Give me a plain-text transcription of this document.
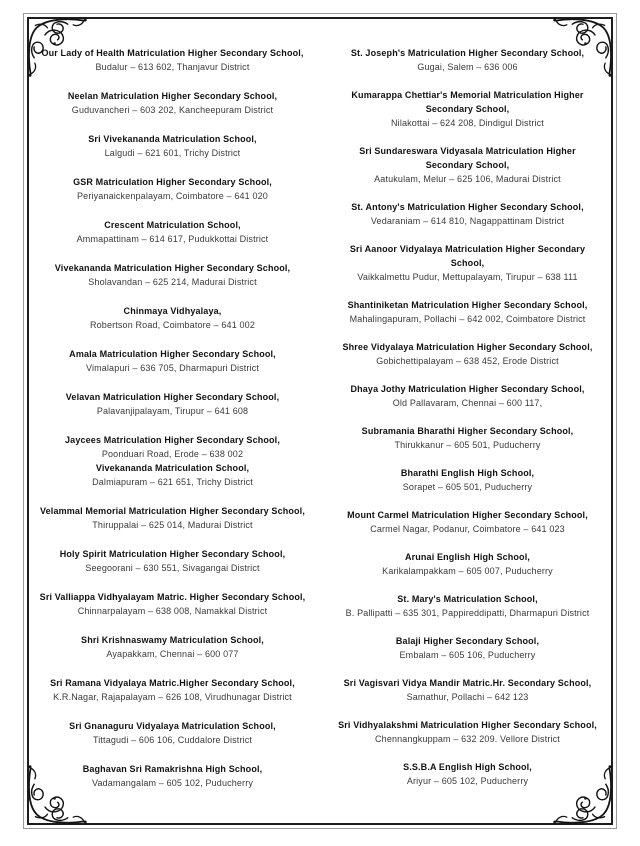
Our Lady of Health Matriculation Higher Secondary School,
Budalur – 613 602, Thanjavur District
Neelan Matriculation Higher Secondary School,
Guduvancheri – 603 202, Kancheepuram District
Sri Vivekananda Matriculation School,
Lalgudi – 621 601, Trichy District
GSR Matriculation Higher Secondary School,
Periyanaickenpalayam, Coimbatore – 641 020
Crescent Matriculation School,
Ammapattinam – 614 617, Pudukkottai District
Vivekananda Matriculation Higher Secondary School,
Sholavandan – 625 214, Madurai District
Chinmaya Vidhyalaya,
Robertson Road, Coimbatore – 641 002
Amala Matriculation Higher Secondary School,
Vimalapuri – 636 705, Dharmapuri District
Velavan Matriculation Higher Secondary School,
Palavanjipalayam, Tirupur – 641 608
Jaycees Matriculation Higher Secondary School,
Poonduari Road, Erode – 638 002
Vivekananda Matriculation School,
Dalmiapuram – 621 651, Trichy District
Velammal Memorial Matriculation Higher Secondary School,
Thiruppalai – 625 014, Madurai District
Holy Spirit Matriculation Higher Secondary School,
Seegoorani – 630 551, Sivagangai District
Sri Valliappa Vidhyalayam Matric. Higher Secondary School,
Chinnarpalayam – 638 008, Namakkal District
Shri Krishnaswamy Matriculation School,
Ayapakkam, Chennai – 600 077
Sri Ramana Vidyalaya Matric.Higher Secondary School,
K.R.Nagar, Rajapalayam – 626 108, Virudhunagar District
Sri Gnanaguru Vidyalaya Matriculation School,
Tittagudi – 606 106, Cuddalore District
Baghavan Sri Ramakrishna High School,
Vadamangalam – 605 102, Puducherry
St. Joseph's Matriculation Higher Secondary School,
Gugai, Salem – 636 006
Kumarappa Chettiar's Memorial Matriculation Higher
Secondary School,
Nilakottai – 624 208, Dindigul District
Sri Sundareswara Vidyasala Matriculation Higher
Secondary School,
Aatukulam, Melur – 625 106, Madurai District
St. Antony's Matriculation Higher Secondary School,
Vedaraniam – 614 810, Nagappattinam District
Sri Aanoor Vidyalaya Matriculation Higher Secondary
School,
Vaikkalmettu Pudur, Mettupalayam, Tirupur – 638 111
Shantiniketan Matriculation Higher Secondary School,
Mahalingapuram, Pollachi – 642 002, Coimbatore District
Shree Vidyalaya Matriculation Higher Secondary School,
Gobichettipalayam – 638 452, Erode District
Dhaya Jothy Matriculation Higher Secondary School,
Old Pallavaram, Chennai – 600 117,
Subramania Bharathi Higher Secondary School,
Thirukkanur – 605 501, Puducherry
Bharathi English High School,
Sorapet – 605 501, Puducherry
Mount Carmel Matriculation Higher Secondary School,
Carmel Nagar, Podanur, Coimbatore – 641 023
Arunai English High School,
Karikalampakkam – 605 007, Puducherry
St. Mary's Matriculation School,
B. Pallipatti – 635 301, Pappireddipatti, Dharmapuri District
Balaji Higher Secondary School,
Embalam – 605 106, Puducherry
Sri Vagisvari Vidya Mandir Matric.Hr. Secondary School,
Samathur, Pollachi – 642 123
Sri Vidhyalakshmi Matriculation Higher Secondary School,
Chennangkuppam – 632 209. Vellore District
S.S.B.A English High School,
Ariyur – 605 102, Puducherry
